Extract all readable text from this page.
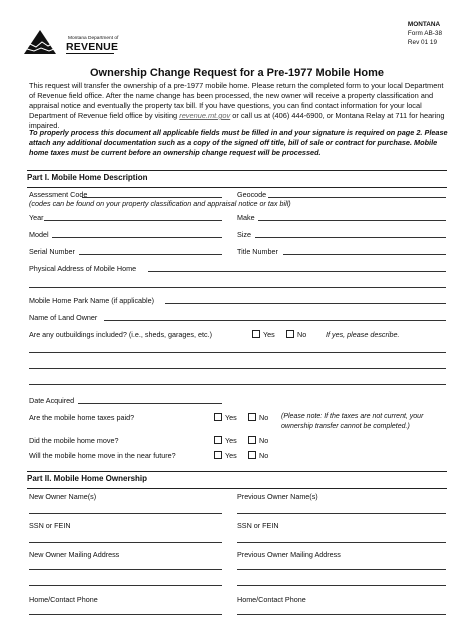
Montana Department of
REVENUE
MONTANA
Form AB-38
Rev 01 19
Ownership Change Request for a Pre-1977 Mobile Home
This request will transfer the ownership of a pre-1977 mobile home. Please return the completed form to your local Department of Revenue field office. After the name change has been processed, the new owner will receive a property classification and appraisal notice and eventually the property tax bill. If you have questions, you can find contact information for your local Department of Revenue field office by visiting revenue.mt.gov or call us at (406) 444-6900, or Montana Relay at 711 for hearing impaired.
To properly process this document all applicable fields must be filled in and your signature is required on page 2. Please attach any additional documentation such as a copy of the signed off title, bill of sale or contract for purchase. Mobile home taxes must be current before an ownership change request will be processed.
Part I. Mobile Home Description
Assessment Code	Geocode
(codes can be found on your property classification and appraisal notice or tax bill)
Year	Make
Model	Size
Serial Number	Title Number
Physical Address of Mobile Home
Mobile Home Park Name (if applicable)
Name of Land Owner
Are any outbuildings included? (i.e., sheds, garages, etc.)	Yes	No	If yes, please describe.
Date Acquired
Are the mobile home taxes paid?	Yes	No (Please note: If the taxes are not current, your ownership transfer cannot be completed.)
Did the mobile home move?	Yes	No
Will the mobile home move in the near future?	Yes	No
Part II. Mobile Home Ownership
New Owner Name(s)	Previous Owner Name(s)
SSN or FEIN	SSN or FEIN
New Owner Mailing Address	Previous Owner Mailing Address
Home/Contact Phone	Home/Contact Phone
